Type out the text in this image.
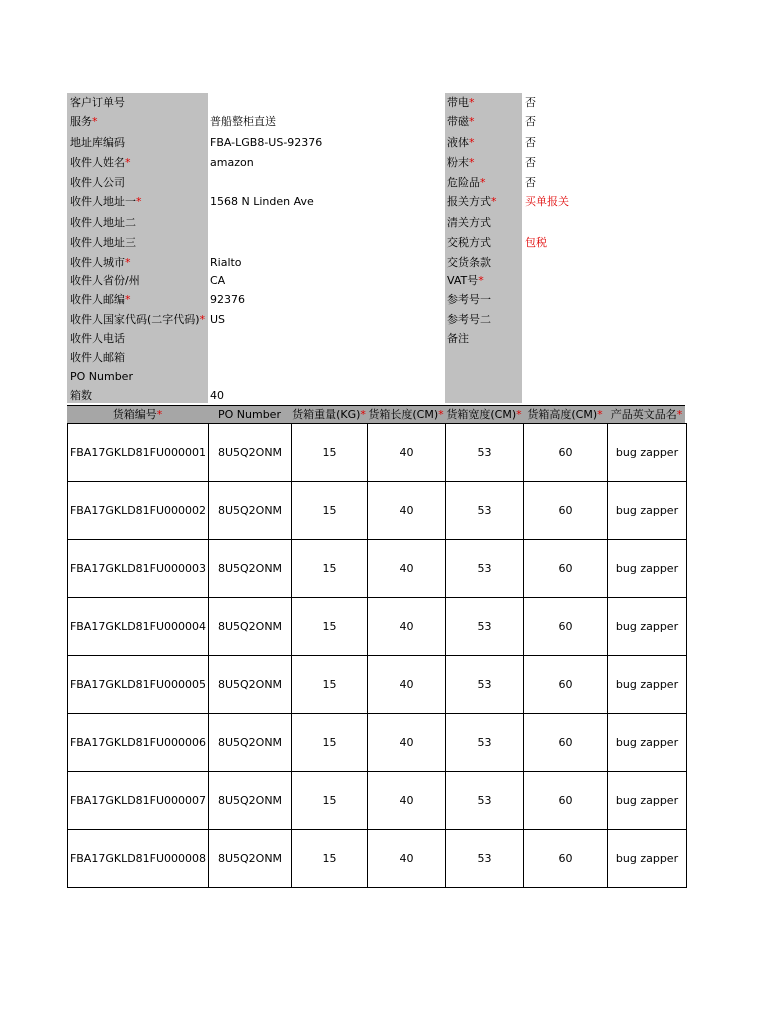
客户订单号
服务*	普船整柜直送
地址库编码	FBA-LGB8-US-92376
收件人姓名*	amazon
收件人公司
收件人地址一*	1568 N Linden Ave
收件人地址二
收件人地址三
收件人城市*	Rialto
收件人省份/州	CA
收件人邮编*	92376
收件人国家代码(二字代码)* US
收件人电话
收件人邮箱
PO Number
箱数	40
带电*	否
带磁*	否
液体*	否
粉末*	否
危险品*	否
报关方式*	买单报关
清关方式
交税方式	包税
交货条款
VAT号*
参考号一
参考号二
备注
货箱编号*	PO Number	货箱重量(KG)* 货箱长度(CM)* 货箱宽度(CM)* 货箱高度(CM)* 产品英文品名*
FBA17GKLD81FU000001	8U5Q2ONM	15	40	53	60	bug zapper
FBA17GKLD81FU000002	8U5Q2ONM	15	40	53	60	bug zapper
FBA17GKLD81FU000003	8U5Q2ONM	15	40	53	60	bug zapper
FBA17GKLD81FU000004	8U5Q2ONM	15	40	53	60	bug zapper
FBA17GKLD81FU000005	8U5Q2ONM	15	40	53	60	bug zapper
FBA17GKLD81FU000006	8U5Q2ONM	15	40	53	60	bug zapper
FBA17GKLD81FU000007	8U5Q2ONM	15	40	53	60	bug zapper
FBA17GKLD81FU000008	8U5Q2ONM	15	40	53	60	bug zapper
